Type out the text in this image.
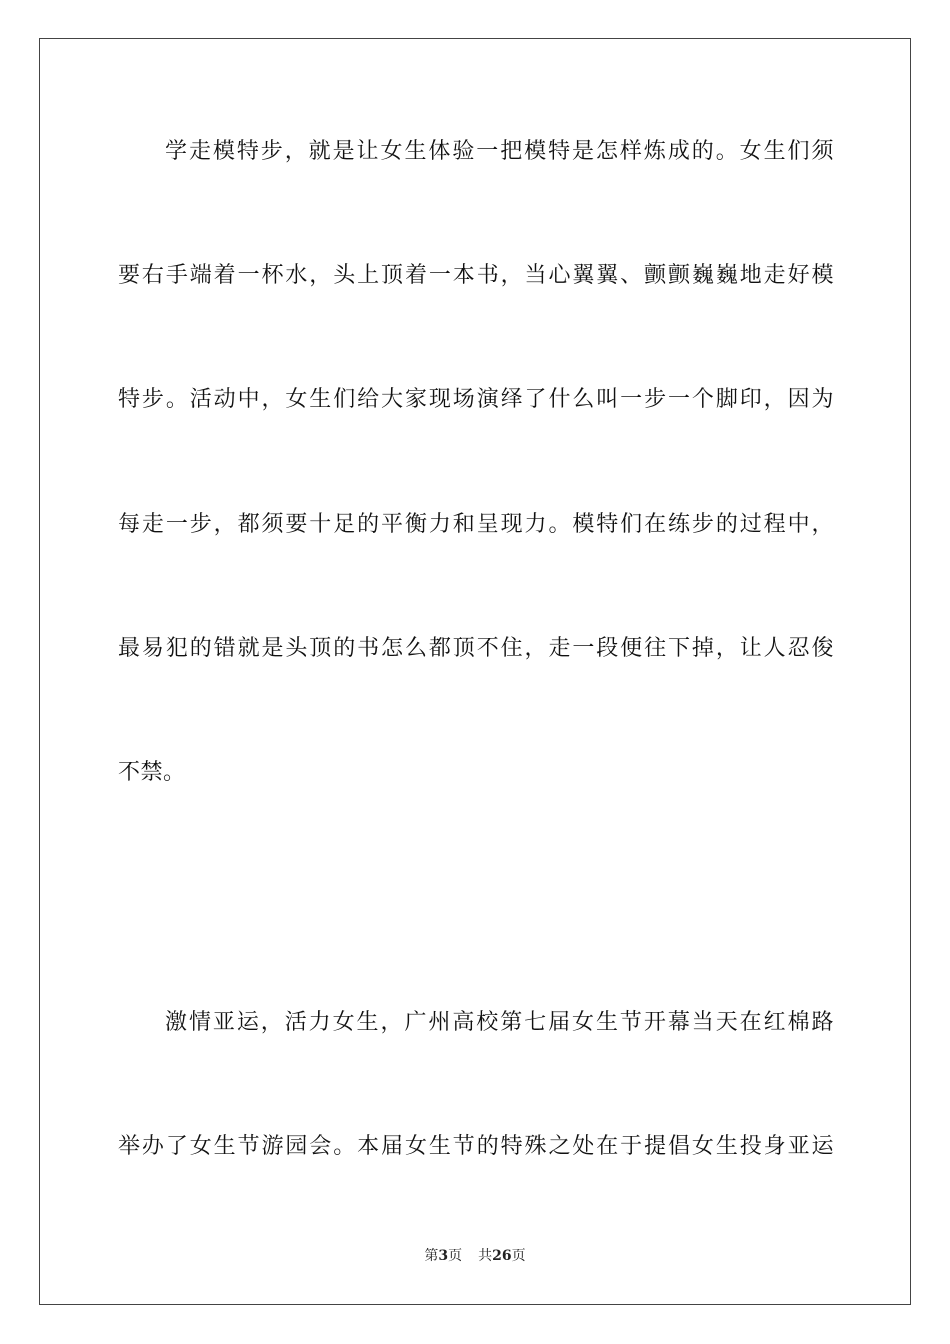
学走模特步，就是让女生体验一把模特是怎样炼成的。女生们须
要右手端着一杯水，头上顶着一本书，当心翼翼、颤颤巍巍地走好模
特步。活动中，女生们给大家现场演绎了什么叫一步一个脚印，因为
每走一步，都须要十足的平衡力和呈现力。模特们在练步的过程中，
最易犯的错就是头顶的书怎么都顶不住，走一段便往下掉，让人忍俊
不禁。
激情亚运，活力女生，广州高校第七届女生节开幕当天在红棉路
举办了女生节游园会。本届女生节的特殊之处在于提倡女生投身亚运
第3页 共26页
